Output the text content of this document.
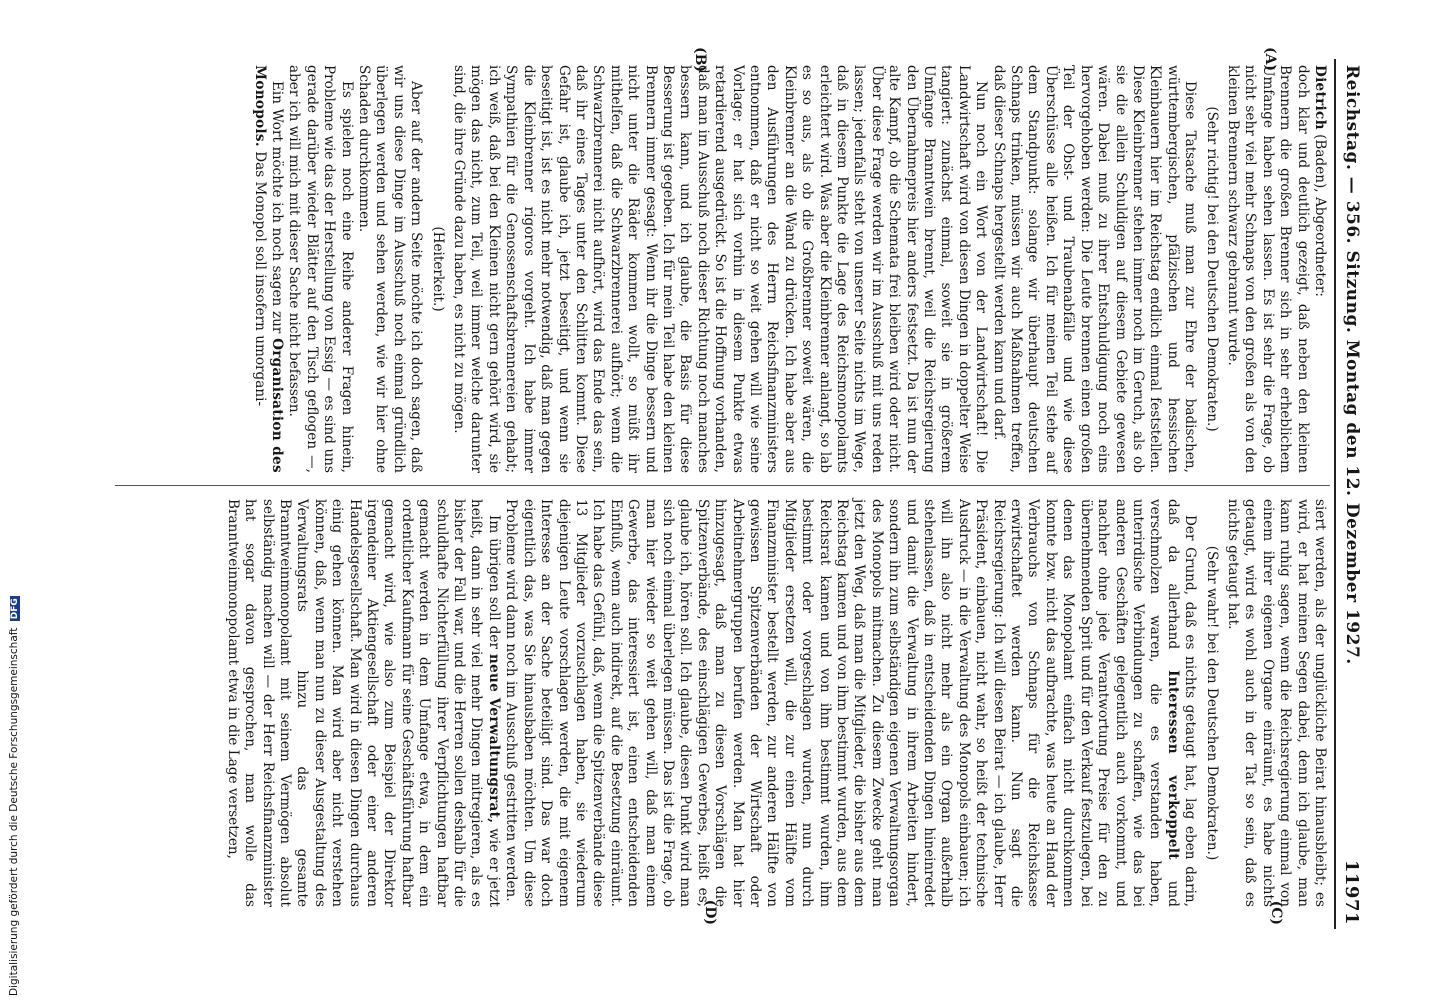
Digitalisierung gefördert durch die Deutsche Forschungsgemeinschaft DFG	Reichstag. — 356. Sitzung. Montag den 12. Dezember 1927.
11971
(A)
(B)

Dietrich (Baden), Abgeordneter:

doch klar und deutlich gezeigt, daß neben den kleinen Brennern die großen Brenner sich in sehr erheblichem Umfange haben sehen lassen. Es ist sehr die Frage, ob nicht sehr viel mehr Schnaps von den großen als von den kleinen Brennern schwarz gebrannt wurde.

(Sehr richtig! bei den Deutschen Demokraten.)

Diese Tatsache muß man zur Ehre der badischen, württembergischen, pfälzischen und hessischen Kleinbauern hier im Reichstag endlich einmal feststellen. Diese Kleinbrenner stehen immer noch im Geruch, als ob sie die allein Schuldigen auf diesem Gebiete gewesen wären. Dabei muß zu ihrer Entschuldigung noch eins hervorgehoben werden: Die Leute brennen einen großen Teil der Obst- und Traubenabfälle und wie diese Überschüsse alle heißen. Ich für meinen Teil stehe auf dem Standpunkt: solange wir überhaupt deutschen Schnaps trinken, müssen wir auch Maßnahmen treffen, daß dieser Schnaps hergestellt werden kann und darf.

Nun noch ein Wort von der Landwirtschaft! Die Landwirtschaft wird von diesen Dingen in doppelter Weise tangiert: zunächst einmal, soweit sie in größerem Umfange Branntwein brennt, weil die Reichsregierung den Übernahmepreis hier anders festsetzt. Da ist nun der alte Kampf, ob die Schemata frei bleiben wird oder nicht. Über diese Frage werden wir im Ausschuß mit uns reden lassen; jedenfalls steht von unserer Seite nichts im Wege, daß in diesem Punkte die Lage des Reichsmonopolamts erleichtert wird. Was aber die Kleinbrenner anlangt, so lab es so aus, als ob die Großbrenner soweit wären, die Kleinbrenner an die Wand zu drücken. Ich habe aber aus den Ausführungen des Herrn Reichsfinanzministers entnommen, daß er nicht so weit gehen will wie seine Vorlage; er hat sich vorhin in diesem Punkte etwas retardierend ausgedrückt. So ist die Hoffnung vorhanden, daß man im Ausschuß noch dieser Richtung noch manches bessern kann, und ich glaube, die Basis für diese Besserung ist gegeben. Ich für mein Teil habe den kleinen Brennern immer gesagt: Wenn ihr die Dinge bessern und nicht unter die Räder kommen wollt, so müßt ihr mithelfen, daß die Schwarzbrennerei aufhört; wenn die Schwarzbrennerei nicht aufhört, wird das Ende das sein, daß ihr eines Tages unter den Schlitten kommt. Diese Gefahr ist, glaube ich, jetzt beseitigt, und wenn sie beseitigt ist, ist es nicht mehr notwendig, daß man gegen die Kleinbrenner rigoros vorgeht. Ich habe immer Sympathien für die Genossenschaftsbrennereien gehabt; ich weiß, daß bei den Kleinen nicht gern gehört wird, sie mögen das nicht, zum Teil, weil immer welche darunter sind, die ihre Gründe dazu haben, es nicht zu mögen.

(Heiterkeit.)

Aber auf der andern Seite möchte ich doch sagen, daß wir uns diese Dinge im Ausschuß noch einmal gründlich überlegen werden und sehen werden, wie wir hier ohne Schaden durchkommen.

Es spielen noch eine Reihe anderer Fragen hinein, Probleme wie das der Herstellung von Essig — es sind uns gerade darüber wieder Blätter auf den Tisch geflogen —, aber ich will mich mit dieser Sache nicht befassen.

Ein Wort möchte ich noch sagen zur Organisation des Monopols. Das Monopol soll insofern umorgani-

(C)
(D)

siert werden, als der unglückliche Beirat hinausbleibt; es wird, er hat meinen Segen dabei, denn ich glaube, man kann ruhig sagen, wenn die Reichsregierung einmal von einem ihrer eigenen Organe einräumt, es habe nichts getaugt, wird es wohl auch in der Tat so sein, daß es nichts getaugt hat.

(Sehr wahr! bei den Deutschen Demokraten.)

Der Grund, daß es nichts getaugt hat, lag eben darin, daß da allerhand Interessen verkoppelt und verschmolzen waren, die es verstanden haben, unterirdische Verbindungen zu schaffen, wie das bei anderen Geschäften gelegentlich auch vorkommt, und nachher ohne jede Verantwortung Preise für den zu übernehmenden Sprit und für den Verkauf festzulegen, bei denen das Monopolamt einfach nicht durchkommen konnte bzw. nicht das aufbrachte, was heute an Hand der Verbrauchs von Schnaps für die Reichskasse erwirtschaftet werden kann. Nun sagt die Reichsregierung: Ich will diesen Beirat — ich glaube, Herr Präsident, einbauen, nicht wahr, so heißt der technische Ausdruck — in die Verwaltung des Monopols einbauen; ich will ihn also nicht mehr als ein Organ außerhalb stehenlassen, daß in entscheidenden Dingen hineinredet und damit die Verwaltung in ihrem Arbeiten hindert, sondern ihn zum selbständigen eigenen Verwaltungsorgan des Monopols mitmachen. Zu diesem Zwecke geht man jetzt den Weg, daß man die Mitglieder, die bisher aus dem Reichstag kamen und von ihm bestimmt wurden, aus dem Reichsrat kamen und von ihm bestimmt wurden, ihm bestimmt oder vorgeschlagen wurden, nun durch Mitglieder ersetzen will, die zur einen Hälfte vom Finanzminister bestellt werden, zur anderen Hälfte von gewissen Spitzenverbänden der Wirtschaft oder Arbeitnehmergruppen berufen werden. Man hat hier hinzugesagt, daß man zu diesen Vorschlägen die Spitzenverbände, des einschlägigen Gewerbes, heißt es, glaube ich, hören soll. Ich glaube, diesen Punkt wird man sich noch einmal überlegen müssen. Das ist die Frage, ob man hier wieder so weit gehen will, daß man einem Gewerbe, das interessiert ist, einen entscheidenden Einfluß, wenn auch indirekt, auf die Besetzung einräumt. Ich habe das Gefühl, daß, wenn die Spitzenverbände diese 13 Mitglieder vorzuschlagen haben, sie wiederum diejenigen Leute vorschlagen werden, die mit eigenem Interesse an der Sache beteiligt sind. Das war doch eigentlich das, was Sie hinausbaben möchten. Um diese Probleme wird dann noch im Ausschuß gestritten werden.

Im übrigen soll der neue Verwaltungsrat, wie er jetzt heißt, dann in sehr viel mehr Dingen mitregieren, als es bisher der Fall war, und die Herren sollen deshalb für die schuldhafte Nichterfüllung ihrer Verpflichtungen haftbar gemacht werden in dem Umfange etwa, in dem ein ordentlicher Kaufmann für seine Geschäftsführung haftbar gemacht wird, wie also zum Beispiel der Direktor irgendeiner Aktiengesellschaft oder einer anderen Handelsgesellschaft. Man wird in diesen Dingen durchaus einig gehen können. Man wird aber nicht verstehen können, daß, wenn man nun zu dieser Ausgestaltung des Verwaltungsrats hinzu das gesamte Branntweinmonopolamt mit seinem Vermögen absolut selbständig machen will — der Herr Reichsfinanzminister hat sogar davon gesprochen, man wolle das Branntweinmonopolamt etwa in die Lage versetzen,
